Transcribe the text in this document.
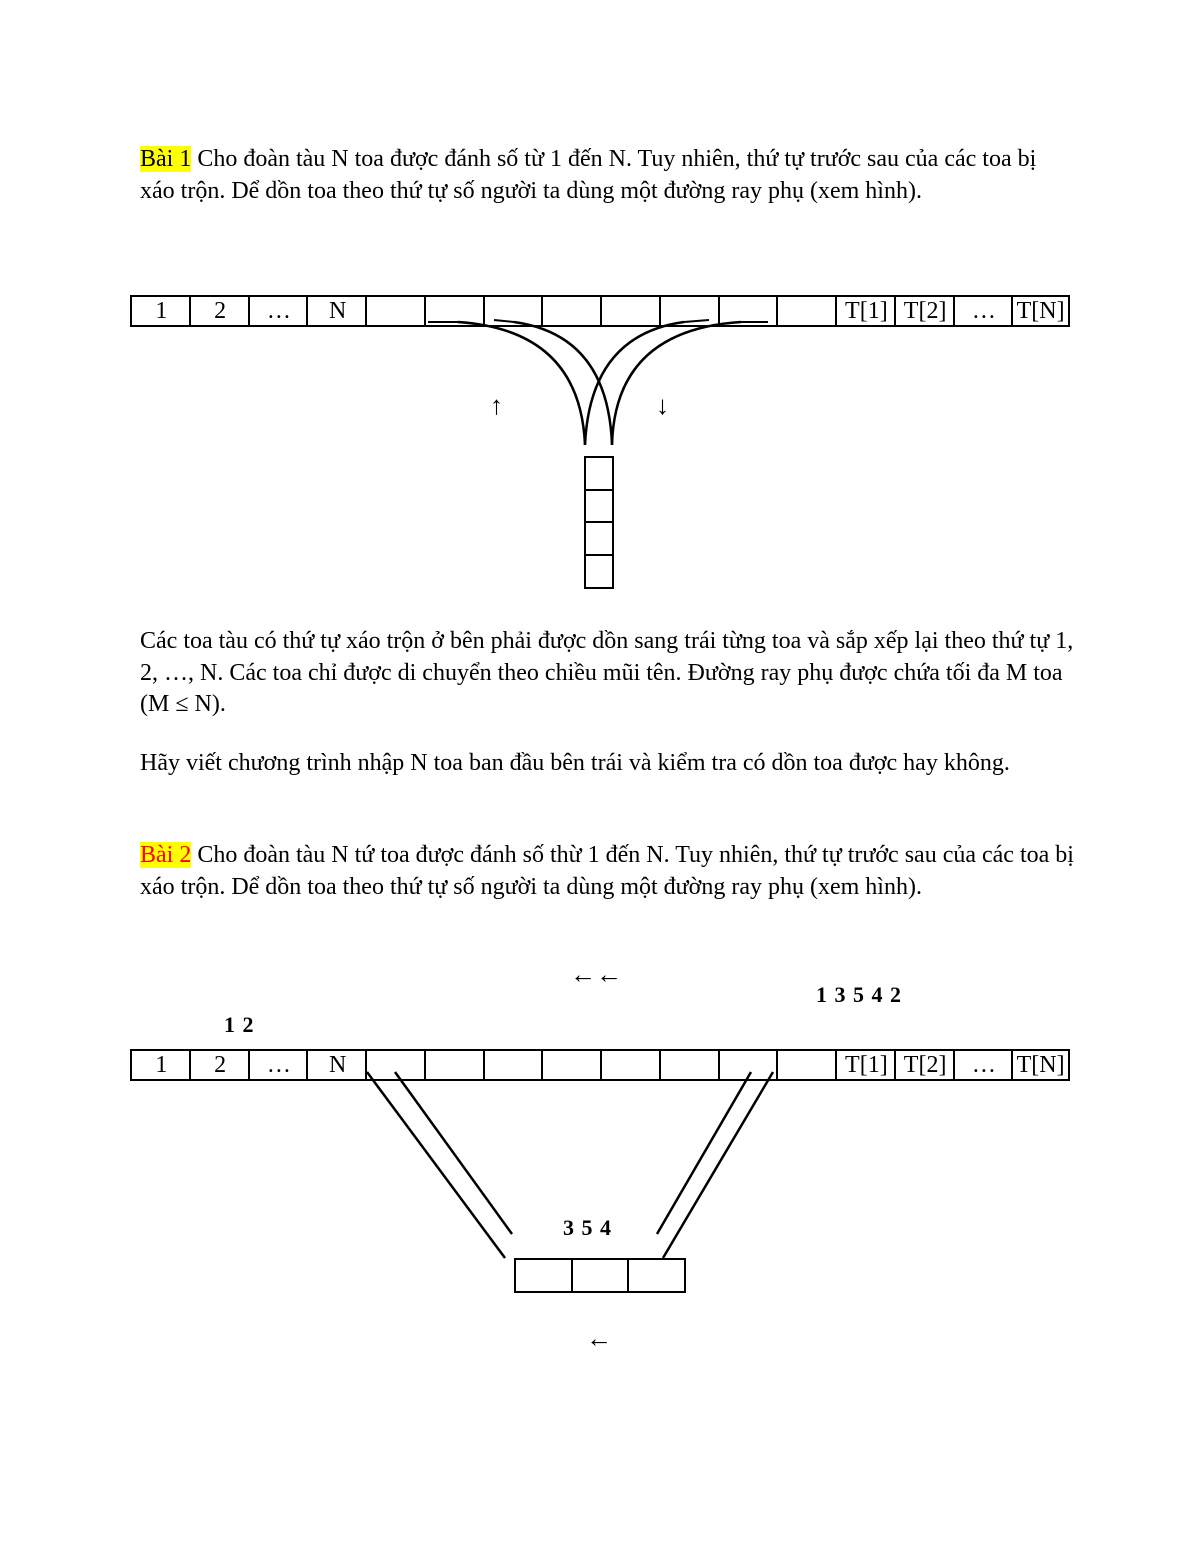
Bài 1 Cho đoàn tàu N toa được đánh số từ 1 đến N. Tuy nhiên, thứ tự trước sau của các toa bị xáo trộn. Dể dồn toa theo thứ tự số người ta dùng một đường ray phụ (xem hình).

1	2	…	N	T[1] T[2]	… T[N]
↑	↓

Các toa tàu có thứ tự xáo trộn ở bên phải được dồn sang trái từng toa và sắp xếp lại theo thứ tự 1, 2, …, N. Các toa chỉ được di chuyển theo chiều mũi tên. Đường ray phụ được chứa tối đa M toa (M ≤ N).

Hãy viết chương trình nhập N toa ban đầu bên trái và kiểm tra có dồn toa được hay không.

Bài 2 Cho đoàn tàu N tứ toa được đánh số thừ 1 đến N. Tuy nhiên, thứ tự trước sau của các toa bị xáo trộn. Dể dồn toa theo thứ tự số người ta dùng một đường ray phụ (xem hình).

←←
1 3 5 4 2
1 2
1	2	…	N	T[1] T[2]	… T[N]
3 5 4
←
